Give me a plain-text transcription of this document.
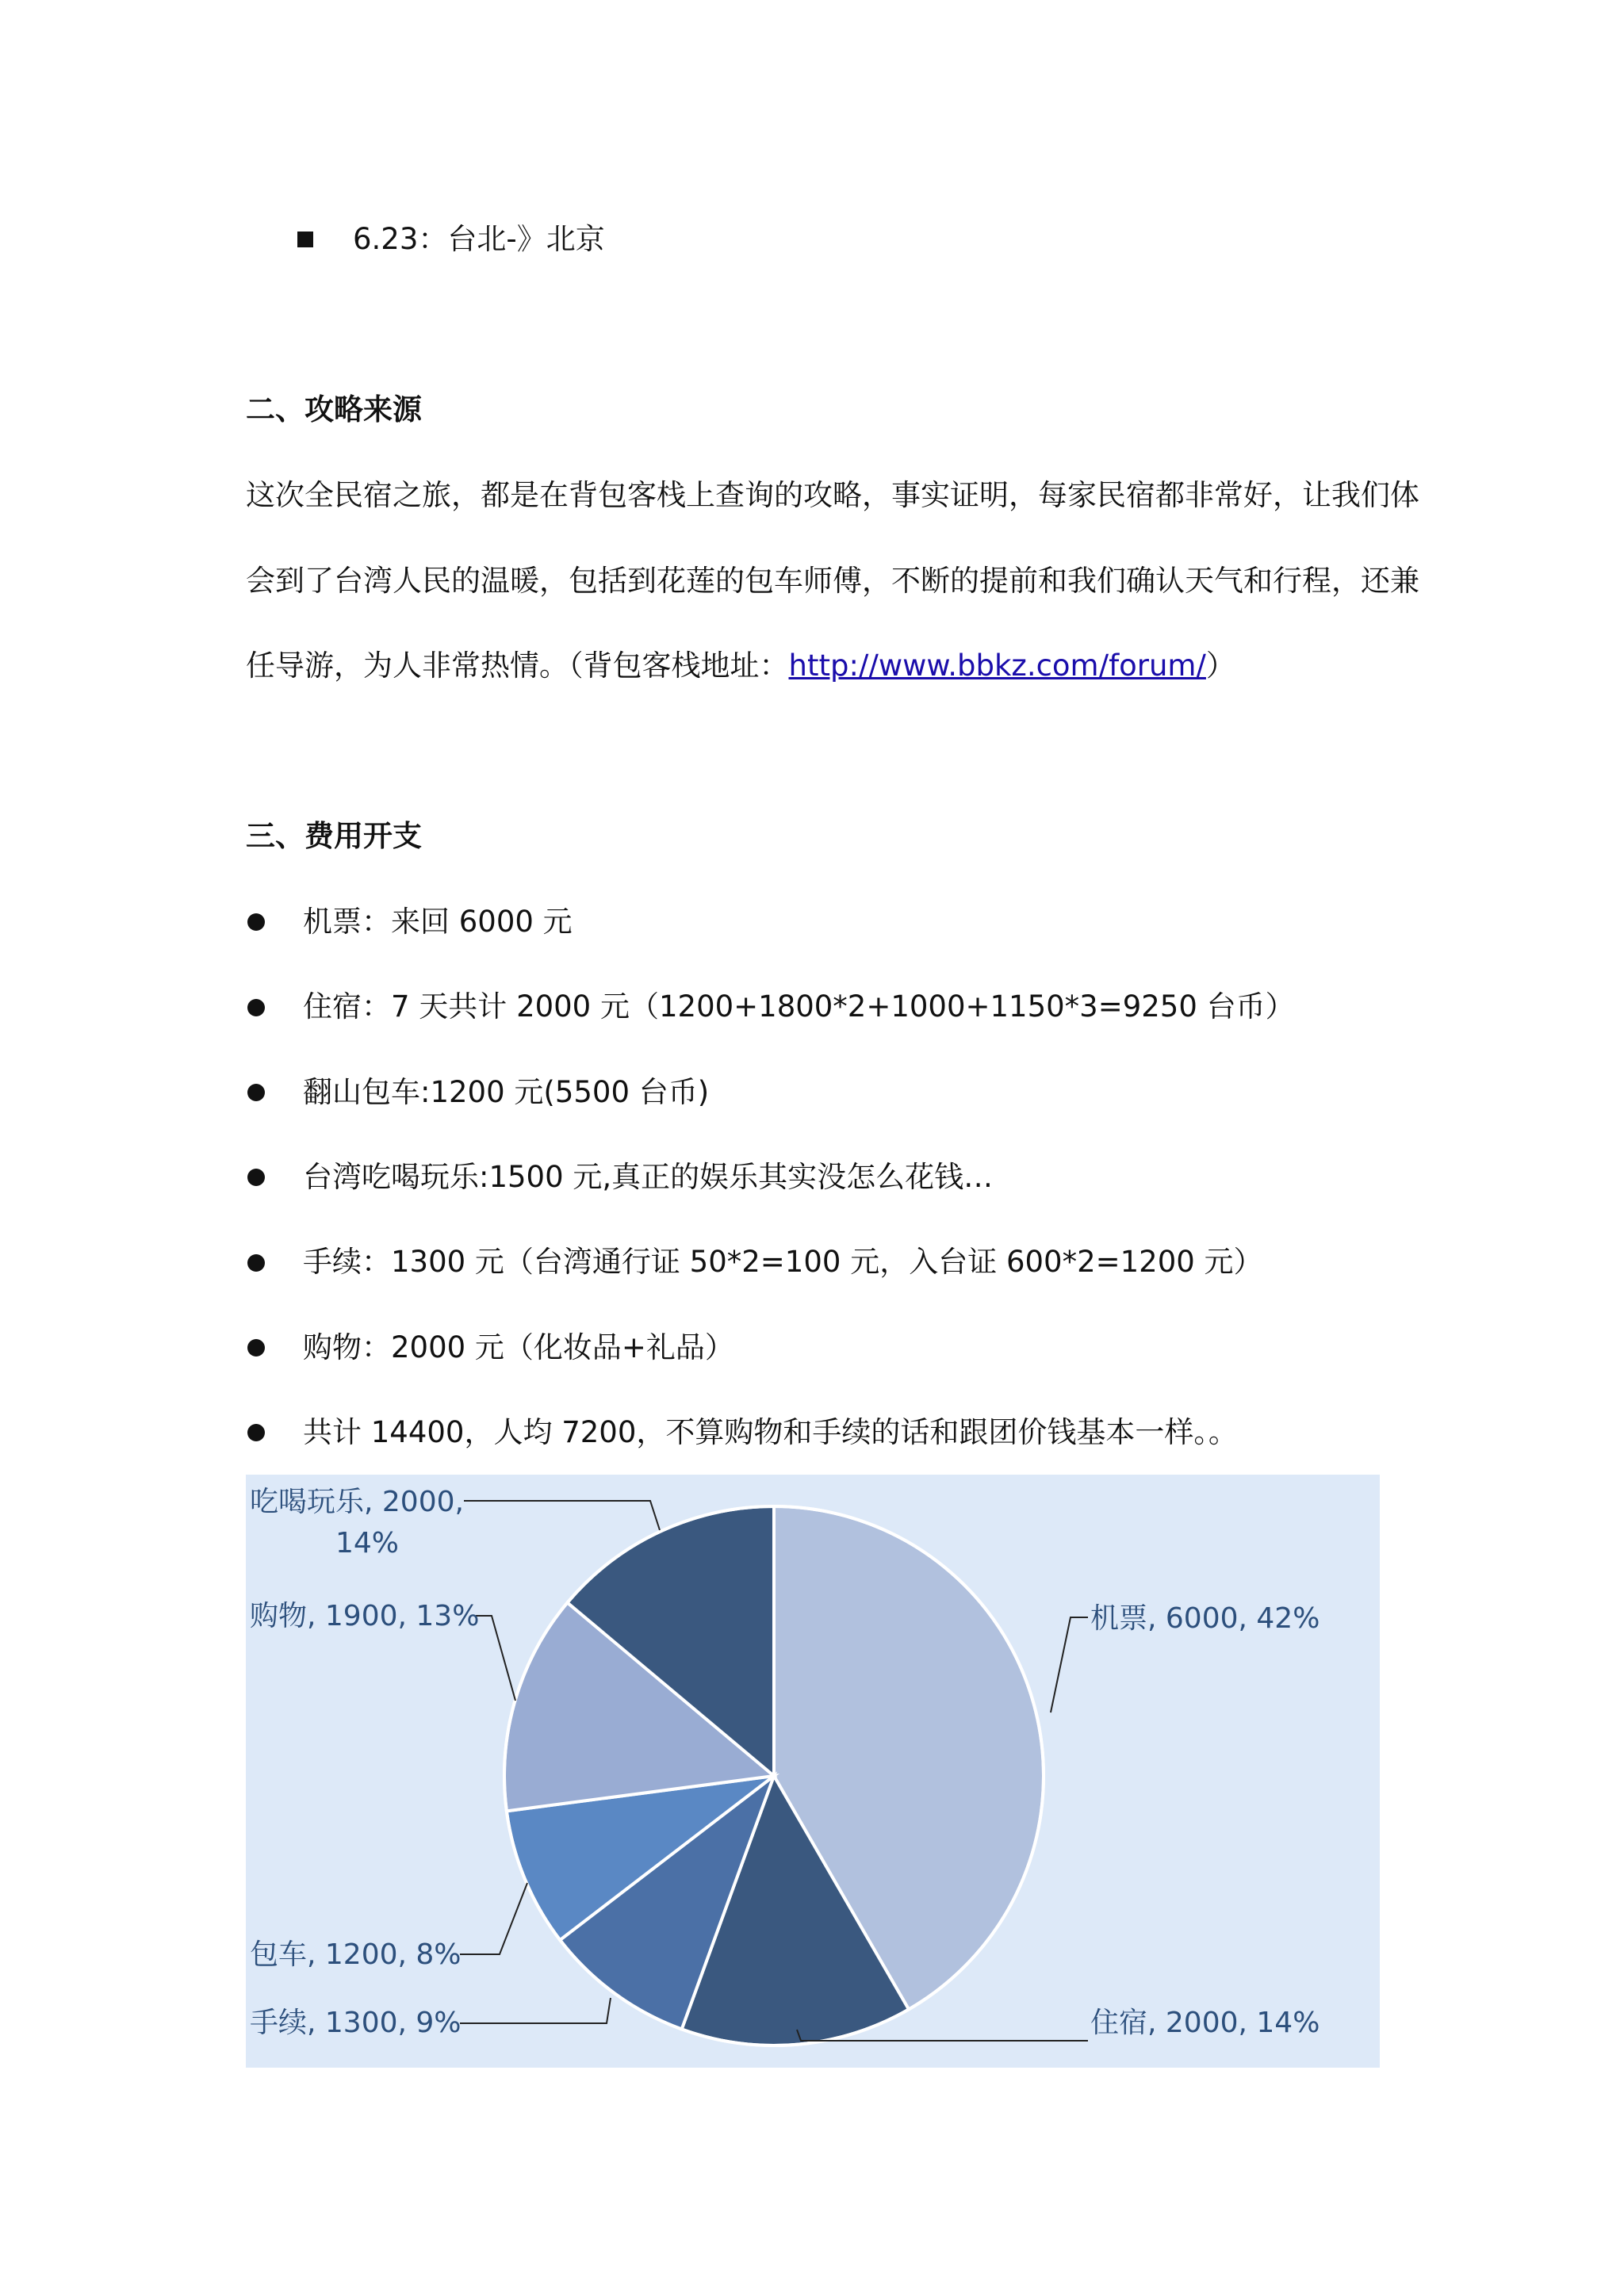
6.23：台北-》北京
二、攻略来源
这次全民宿之旅，都是在背包客栈上查询的攻略，事实证明，每家民宿都非常好，让我们体
会到了台湾人民的温暖，包括到花莲的包车师傅，不断的提前和我们确认天气和行程，还兼
任导游，为人非常热情。（背包客栈地址：http://www.bbkz.com/forum/）
三、费用开支
机票：来回 6000 元
住宿：7 天共计 2000 元（1200+1800*2+1000+1150*3=9250 台币）
翻山包车:1200 元(5500 台币)
台湾吃喝玩乐:1500 元,真正的娱乐其实没怎么花钱…
手续：1300 元（台湾通行证 50*2=100 元，入台证 600*2=1200 元）
购物：2000 元（化妆品+礼品）
共计 14400，人均 7200，不算购物和手续的话和跟团价钱基本一样。。
机票, 6000, 42%
住宿, 2000, 14%
手续, 1300, 9%
包车, 1200, 8%
购物, 1900, 13%
吃喝玩乐, 2000,
14%
